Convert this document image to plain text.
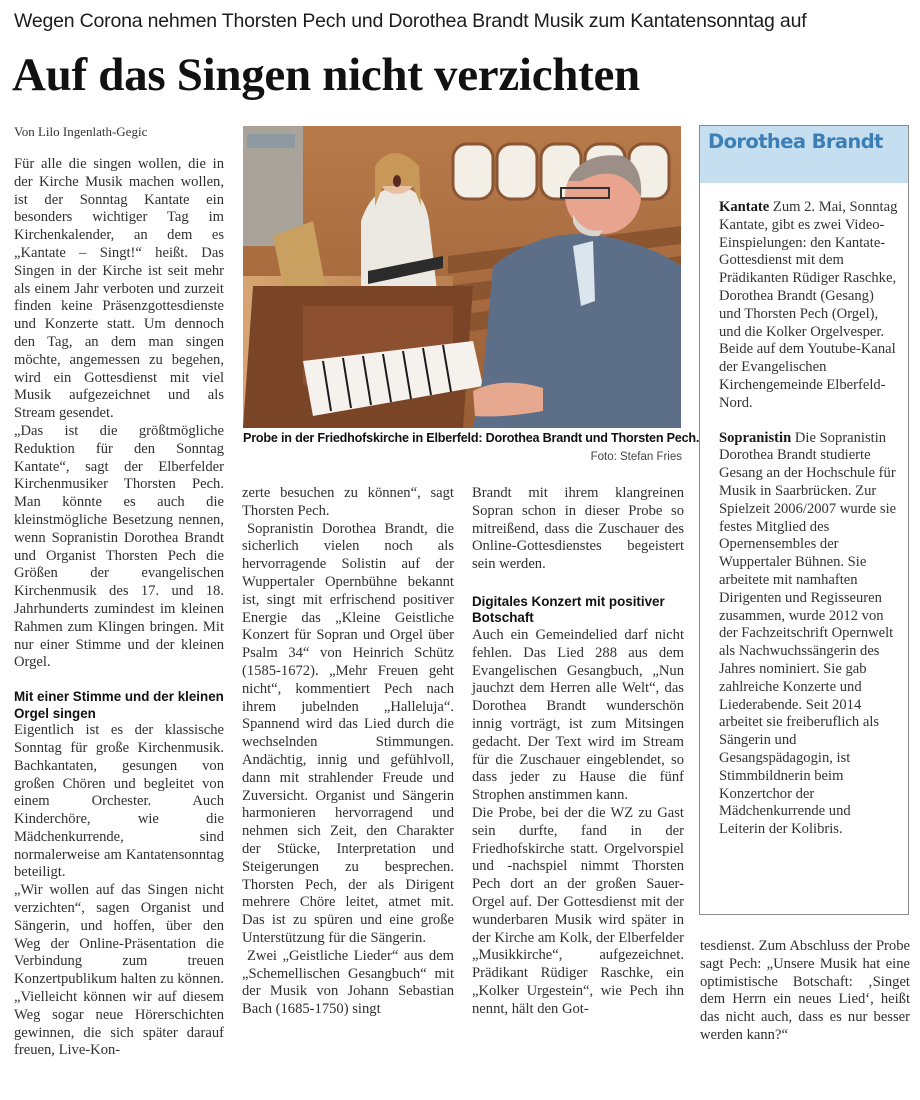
Wegen Corona nehmen Thorsten Pech und Dorothea Brandt Musik zum Kantatensonntag auf
Auf das Singen nicht verzichten
Von Lilo Ingenlath-Gegic

Für alle die singen wollen, die in der Kirche Musik machen wollen, ist der Sonntag Kantate ein besonders wichtiger Tag im Kirchenkalender, an dem es „Kantate – Singt!“ heißt. Das Singen in der Kirche ist seit mehr als einem Jahr verboten und zurzeit finden keine Präsenzgottesdienste und Konzerte statt. Um dennoch den Tag, an dem man singen möchte, angemessen zu begehen, wird ein Gottesdienst mit viel Musik aufgezeichnet und als Stream gesendet.

„Das ist die größtmögliche Reduktion für den Sonntag Kantate“, sagt der Elberfelder Kirchenmusiker Thorsten Pech. Man könnte es auch die kleinstmögliche Besetzung nennen, wenn Sopranistin Dorothea Brandt und Organist Thorsten Pech die Größen der evangelischen Kirchenmusik des 17. und 18. Jahrhunderts zumindest im kleinen Rahmen zum Klingen bringen. Mit nur einer Stimme und der kleinen Orgel.

Mit einer Stimme und der kleinen Orgel singen

Eigentlich ist es der klassische Sonntag für große Kirchenmusik. Bachkantaten, gesungen von großen Chören und begleitet von einem Orchester. Auch Kinderchöre, wie die Mädchenkurrende, sind normalerweise am Kantatensonntag beteiligt.

„Wir wollen auf das Singen nicht verzichten“, sagen Organist und Sängerin, und hoffen, über den Weg der Online-Präsentation die Verbindung zum treuen Konzertpublikum halten zu können. „Vielleicht können wir auf diesem Weg sogar neue Hörerschichten gewinnen, die sich später darauf freuen, Live-Kon-

Probe in der Friedhofskirche in Elberfeld: Dorothea Brandt und Thorsten Pech.
Foto: Stefan Fries

zerte besuchen zu können“, sagt Thorsten Pech.

Sopranistin Dorothea Brandt, die sicherlich vielen noch als hervorragende Solistin auf der Wuppertaler Opernbühne bekannt ist, singt mit erfrischend positiver Energie das „Kleine Geistliche Konzert für Sopran und Orgel über Psalm 34“ von Heinrich Schütz (1585-1672). „Mehr Freuen geht nicht“, kommentiert Pech nach ihrem jubelnden „Halleluja“. Spannend wird das Lied durch die wechselnden Stimmungen. Andächtig, innig und gefühlvoll, dann mit strahlender Freude und Zuversicht. Organist und Sängerin harmonieren hervorragend und nehmen sich Zeit, den Charakter der Stücke, Interpretation und Steigerungen zu besprechen. Thorsten Pech, der als Dirigent mehrere Chöre leitet, atmet mit. Das ist zu spüren und eine große Unterstützung für die Sängerin.

Zwei „Geistliche Lieder“ aus dem „Schemellischen Gesangbuch“ mit der Musik von Johann Sebastian Bach (1685-1750) singt

Brandt mit ihrem klangreinen Sopran schon in dieser Probe so mitreißend, dass die Zuschauer des Online-Gottesdienstes begeistert sein werden.

Digitales Konzert mit positiver Botschaft

Auch ein Gemeindelied darf nicht fehlen. Das Lied 288 aus dem Evangelischen Gesangbuch, „Nun jauchzt dem Herren alle Welt“, das Dorothea Brandt wunderschön innig vorträgt, ist zum Mitsingen gedacht. Der Text wird im Stream für die Zuschauer eingeblendet, so dass jeder zu Hause die fünf Strophen anstimmen kann.

Die Probe, bei der die WZ zu Gast sein durfte, fand in der Friedhofskirche statt. Orgelvorspiel und -nachspiel nimmt Thorsten Pech dort an der großen Sauer-Orgel auf. Der Gottesdienst mit der wunderbaren Musik wird später in der Kirche am Kolk, der Elberfelder „Musikkirche“, aufgezeichnet. Prädikant Rüdiger Raschke, ein „Kolker Urgestein“, wie Pech ihn nennt, hält den Got-

Dorothea Brandt

Kantate Zum 2. Mai, Sonntag Kantate, gibt es zwei Video-Einspielungen: den Kantate-Gottesdienst mit dem Prädikanten Rüdiger Raschke, Dorothea Brandt (Gesang) und Thorsten Pech (Orgel), und die Kolker Orgelvesper. Beide auf dem Youtube-Kanal der Evangelischen Kirchengemeinde Elberfeld-Nord.

Sopranistin Die Sopranistin Dorothea Brandt studierte Gesang an der Hochschule für Musik in Saarbrücken. Zur Spielzeit 2006/2007 wurde sie festes Mitglied des Opernensembles der Wuppertaler Bühnen. Sie arbeitete mit namhaften Dirigenten und Regisseuren zusammen, wurde 2012 von der Fachzeitschrift Opernwelt als Nachwuchssängerin des Jahres nominiert. Sie gab zahlreiche Konzerte und Liederabende. Seit 2014 arbeitet sie freiberuflich als Sängerin und Gesangspädagogin, ist Stimmbildnerin beim Konzertchor der Mädchenkurrende und Leiterin der Kolibris.

tesdienst. Zum Abschluss der Probe sagt Pech: „Unsere Musik hat eine optimistische Botschaft: ‚Singet dem Herrn ein neues Lied‘, heißt das nicht auch, dass es nur besser werden kann?“
